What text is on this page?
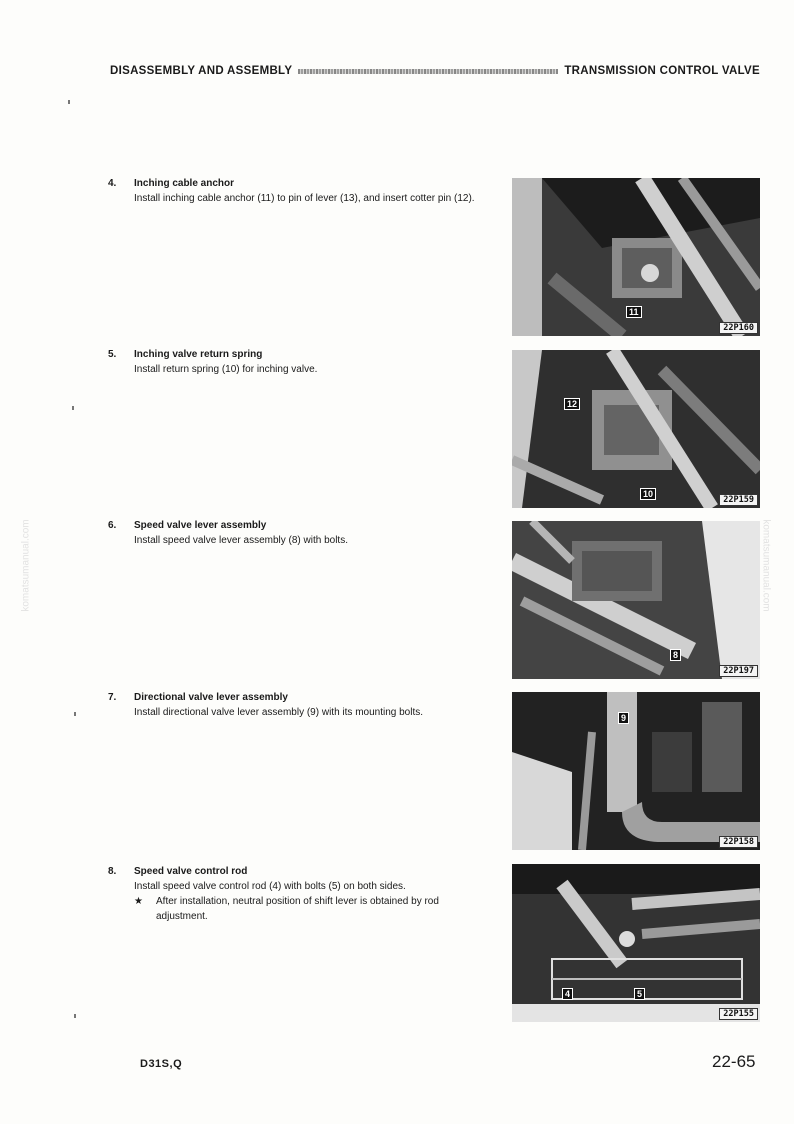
DISASSEMBLY AND ASSEMBLY	TRANSMISSION CONTROL VALVE
komatsumanual.com	komatsumanual.com
4. Inching cable anchor
Install inching cable anchor (11) to pin of lever (13), and insert cotter pin (12).
11
22P160
5. Inching valve return spring
Install return spring (10) for inching valve.
12
10
22P159
6. Speed valve lever assembly
Install speed valve lever assembly (8) with bolts.
8
22P197
7. Directional valve lever assembly
Install directional valve lever assembly (9) with its mounting bolts.	9
22P158
8. Speed valve control rod
Install speed valve control rod (4) with bolts (5) on both sides.
★	After installation, neutral position of shift lever is obtained by rod adjustment.
4	5
22P155
D31S,Q	22-65
